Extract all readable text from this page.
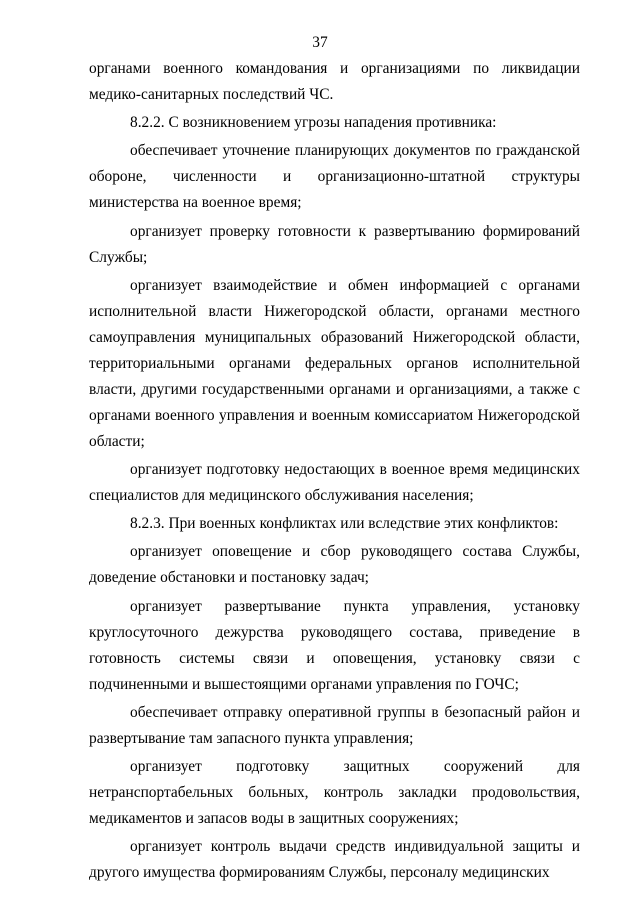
37

органами военного командования и организациями по ликвидации медико-санитарных последствий ЧС.

8.2.2. С возникновением угрозы нападения противника:

обеспечивает уточнение планирующих документов по гражданской обороне, численности и организационно-штатной структуры министерства на военное время;

организует проверку готовности к развертыванию формирований Службы;

организует взаимодействие и обмен информацией с органами исполнительной власти Нижегородской области, органами местного самоуправления муниципальных образований Нижегородской области, территориальными органами федеральных органов исполнительной власти, другими государственными органами и организациями, а также с органами военного управления и военным комиссариатом Нижегородской области;

организует подготовку недостающих в военное время медицинских специалистов для медицинского обслуживания населения;

8.2.3. При военных конфликтах или вследствие этих конфликтов:

организует оповещение и сбор руководящего состава Службы, доведение обстановки и постановку задач;

организует развертывание пункта управления, установку круглосуточного дежурства руководящего состава, приведение в готовность системы связи и оповещения, установку связи с подчиненными и вышестоящими органами управления по ГОЧС;

обеспечивает отправку оперативной группы в безопасный район и развертывание там запасного пункта управления;

организует подготовку защитных сооружений для нетранспортабельных больных, контроль закладки продовольствия, медикаментов и запасов воды в защитных сооружениях;

организует контроль выдачи средств индивидуальной защиты и другого имущества формированиям Службы, персоналу медицинских
